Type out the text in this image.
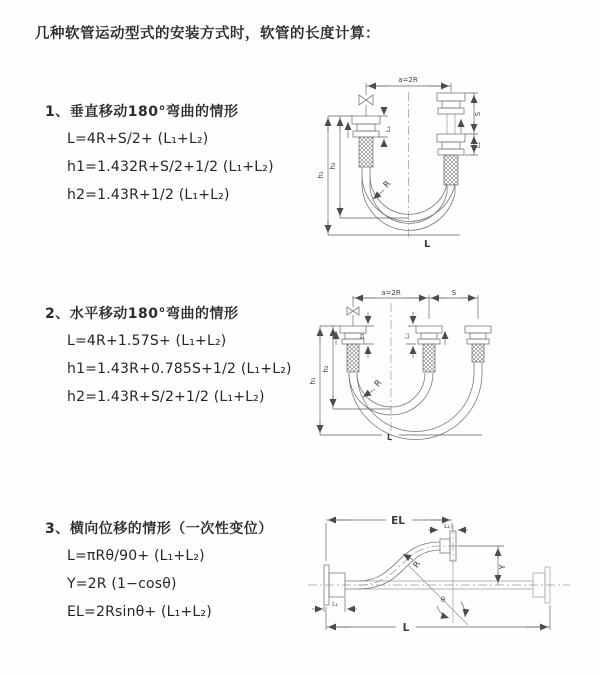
几种软管运动型式的安装方式时，软管的长度计算：
1、垂直移动180°弯曲的情形
L=4R+S/2+ (L₁+L₂)
h1=1.432R+S/2+1/2 (L₁+L₂)
h2=1.43R+1/2 (L₁+L₂)
2、水平移动180°弯曲的情形
L=4R+1.57S+ (L₁+L₂)
h1=1.43R+0.785S+1/2 (L₁+L₂)
h2=1.43R+S/2+1/2 (L₁+L₂)
3、横向位移的情形（一次性变位）
L=πRθ/90+ (L₁+L₂)
Y=2R (1−cosθ)
EL=2Rsinθ+ (L₁+L₂)
a=2R
h₁
h₂
L₁
S
L₂
R
L
a=2R	S
h₁
h₂
L₁	L₂
R
L
EL	L₂
Y
θ
R
L₁
L
